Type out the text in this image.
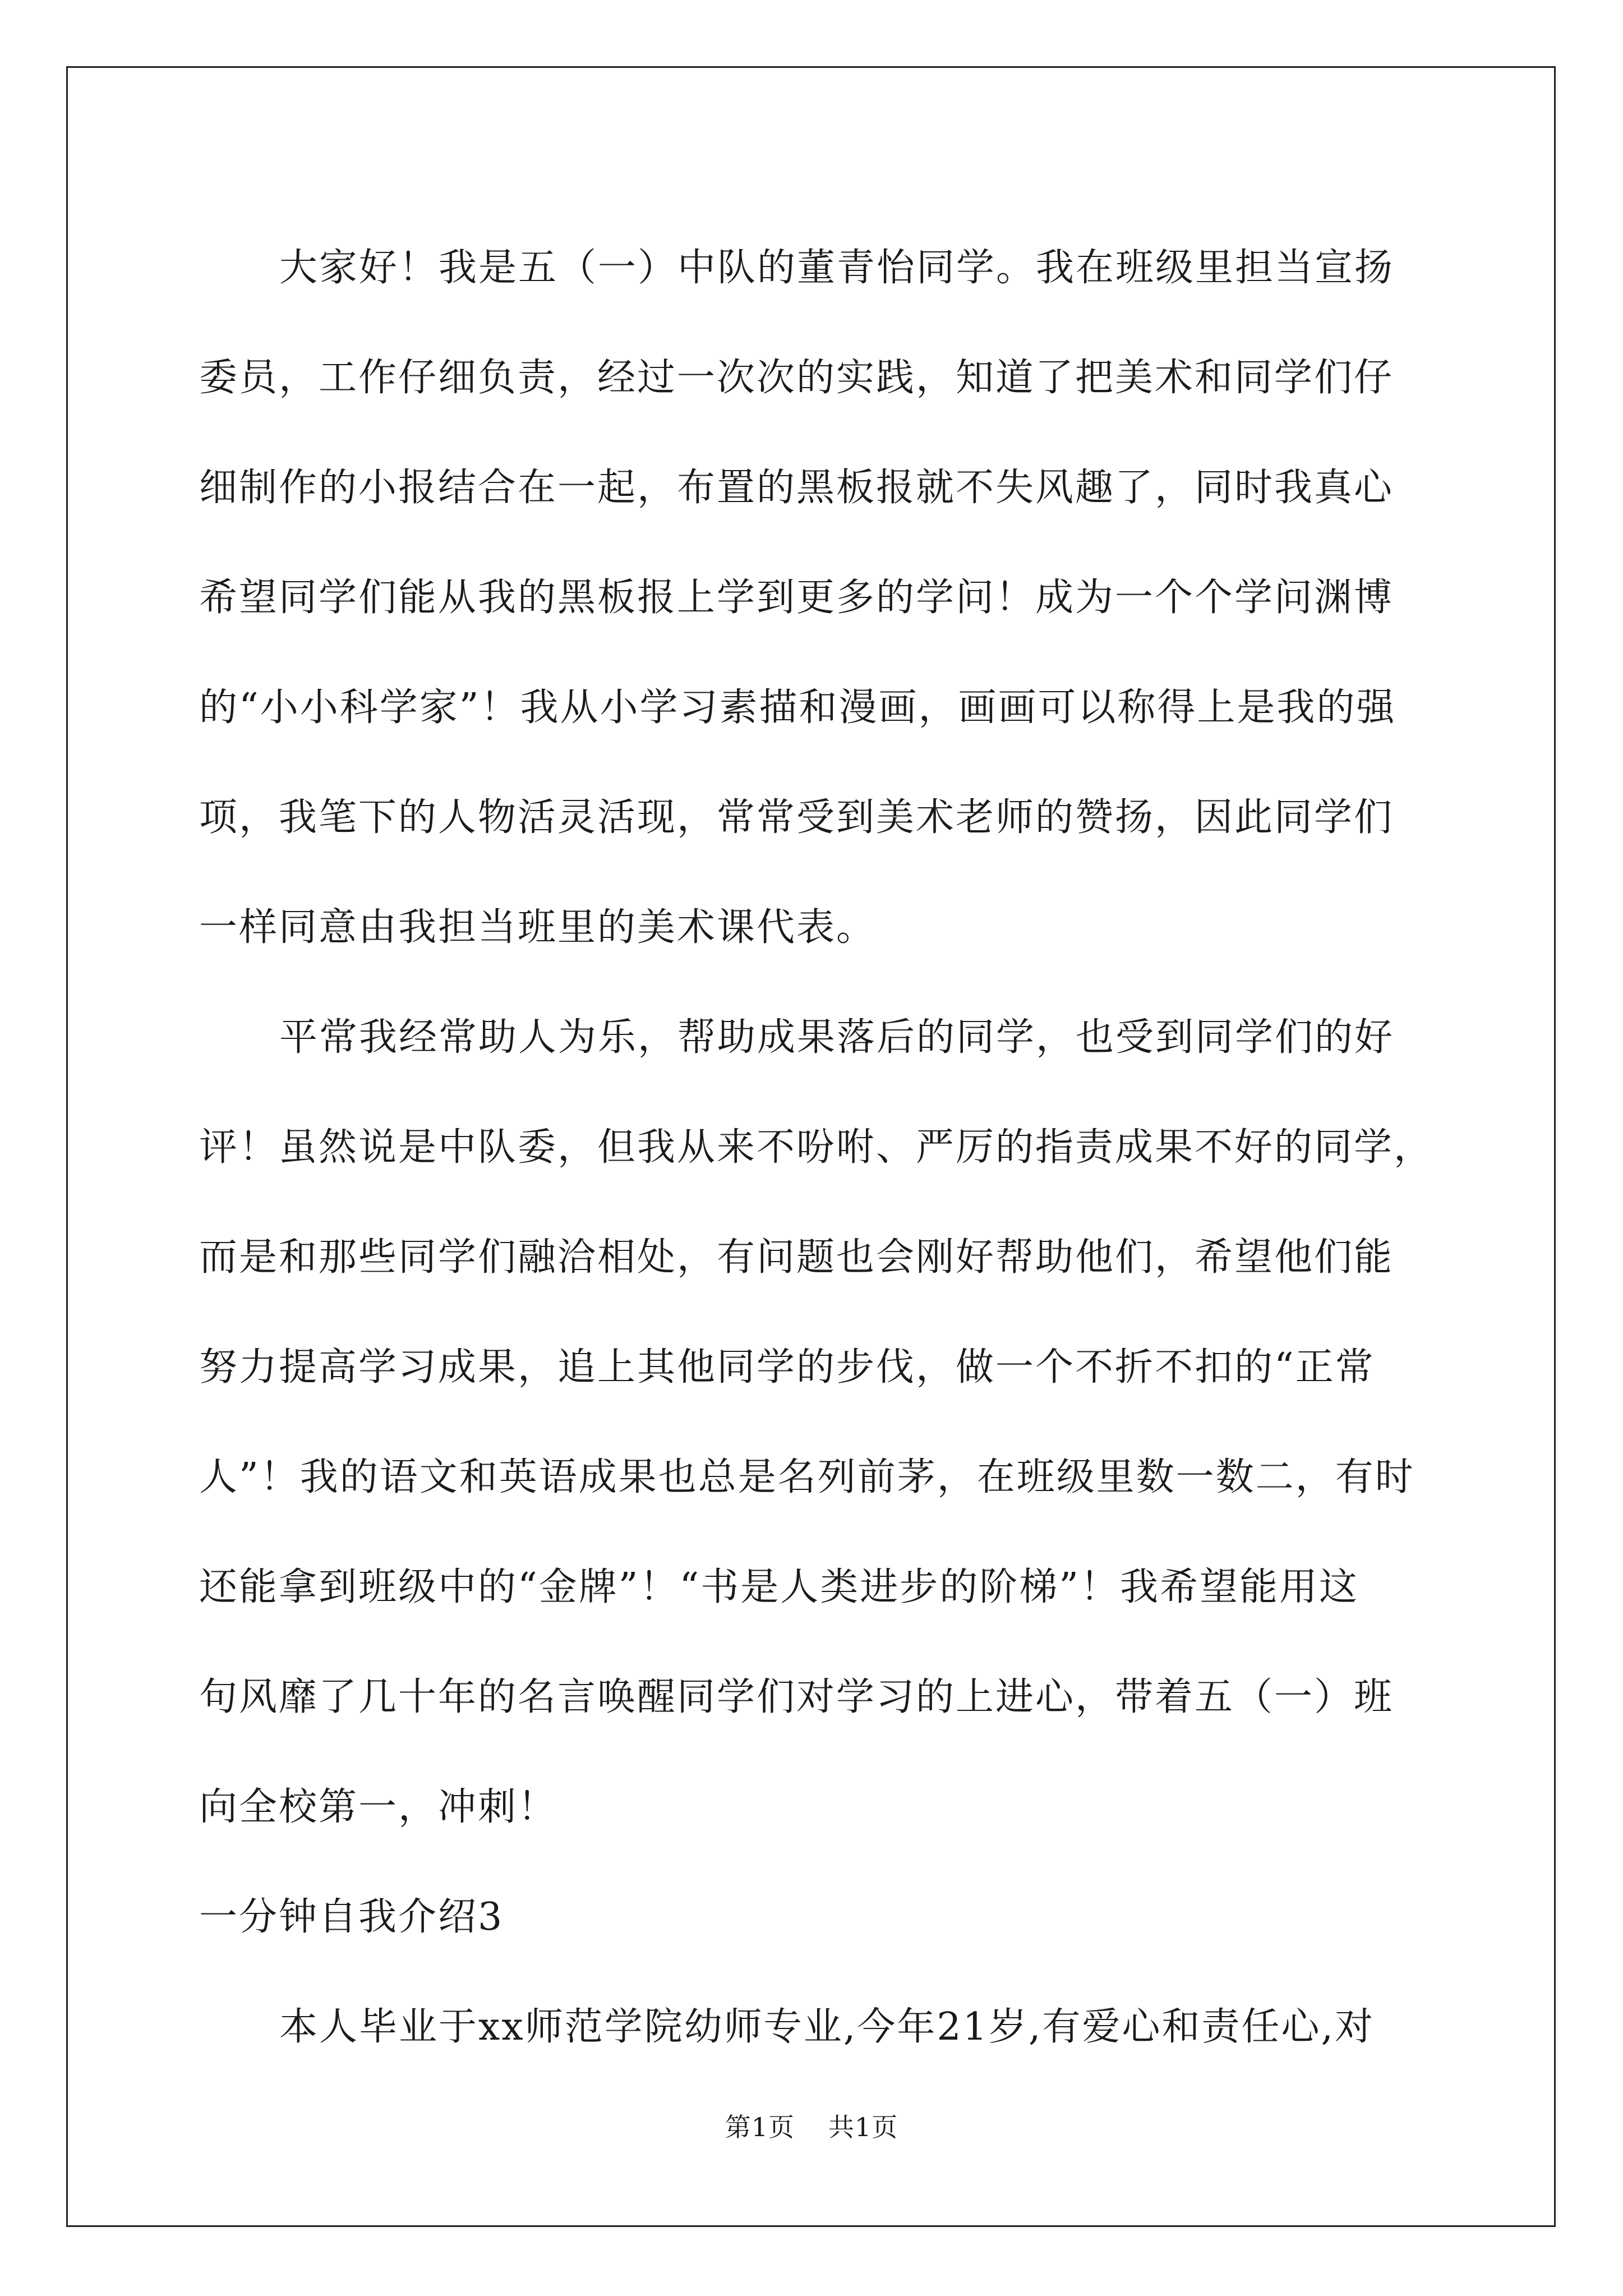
大家好！我是五（一）中队的董青怡同学。我在班级里担当宣扬
委员，工作仔细负责，经过一次次的实践，知道了把美术和同学们仔
细制作的小报结合在一起，布置的黑板报就不失风趣了，同时我真心
希望同学们能从我的黑板报上学到更多的学问！成为一个个学问渊博
的“小小科学家”！我从小学习素描和漫画，画画可以称得上是我的强
项，我笔下的人物活灵活现，常常受到美术老师的赞扬，因此同学们
一样同意由我担当班里的美术课代表。

平常我经常助人为乐，帮助成果落后的同学，也受到同学们的好
评！虽然说是中队委，但我从来不吩咐、严厉的指责成果不好的同学，
而是和那些同学们融洽相处，有问题也会刚好帮助他们，希望他们能
努力提高学习成果，追上其他同学的步伐，做一个不折不扣的“正常
人”！我的语文和英语成果也总是名列前茅，在班级里数一数二，有时
还能拿到班级中的“金牌”！“书是人类进步的阶梯”！我希望能用这
句风靡了几十年的名言唤醒同学们对学习的上进心，带着五（一）班
向全校第一，冲刺！

一分钟自我介绍3

本人毕业于xx师范学院幼师专业,今年21岁,有爱心和责任心,对

第1页 共1页
